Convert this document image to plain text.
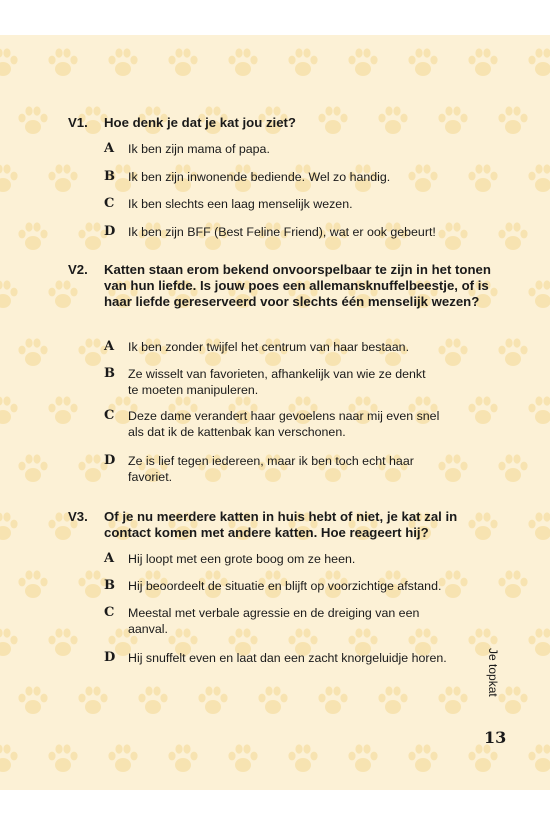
V1. Hoe denk je dat je kat jou ziet?
A Ik ben zijn mama of papa.
B Ik ben zijn inwonende bediende. Wel zo handig.
C Ik ben slechts een laag menselijk wezen.
D Ik ben zijn BFF (Best Feline Friend), wat er ook gebeurt!
V2. Katten staan erom bekend onvoorspelbaar te zijn in het tonen van hun liefde. Is jouw poes een allemansknuffelbeestje, of is haar liefde gereserveerd voor slechts één menselijk wezen?
A Ik ben zonder twijfel het centrum van haar bestaan.
B Ze wisselt van favorieten, afhankelijk van wie ze denkt te moeten manipuleren.
C Deze dame verandert haar gevoelens naar mij even snel als dat ik de kattenbak kan verschonen.
D Ze is lief tegen iedereen, maar ik ben toch echt haar favoriet.
V3. Of je nu meerdere katten in huis hebt of niet, je kat zal in contact komen met andere katten. Hoe reageert hij?
A Hij loopt met een grote boog om ze heen.
B Hij beoordeelt de situatie en blijft op voorzichtige afstand.
C Meestal met verbale agressie en de dreiging van een aanval.
D Hij snuffelt even en laat dan een zacht knorgeluidje horen.	Je topkat
13
